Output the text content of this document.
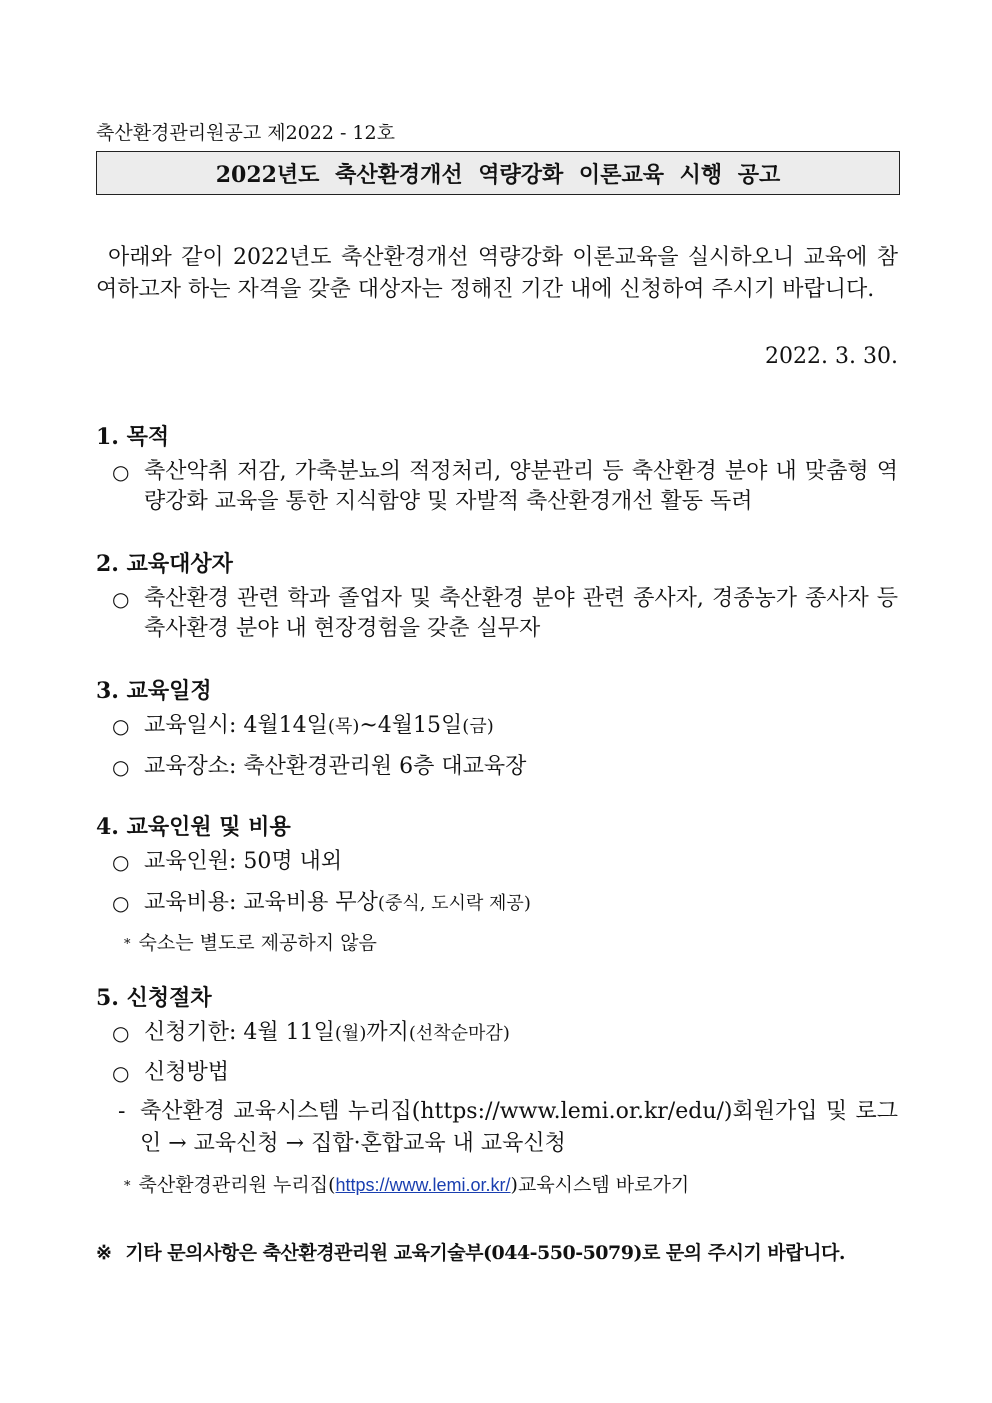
축산환경관리원공고 제2022 - 12호
2022년도 축산환경개선 역량강화 이론교육 시행 공고
아래와 같이 2022년도 축산환경개선 역량강화 이론교육을 실시하오니 교육에 참여하고자 하는 자격을 갖춘 대상자는 정해진 기간 내에 신청하여 주시기 바랍니다.
2022. 3. 30.
1. 목적
○ 축산악취 저감, 가축분뇨의 적정처리, 양분관리 등 축산환경 분야 내 맞춤형 역량강화 교육을 통한 지식함양 및 자발적 축산환경개선 활동 독려
2. 교육대상자
○ 축산환경 관련 학과 졸업자 및 축산환경 분야 관련 종사자, 경종농가 종사자 등 축사환경 분야 내 현장경험을 갖춘 실무자
3. 교육일정
○ 교육일시: 4월14일(목)~4월15일(금)
○ 교육장소: 축산환경관리원 6층 대교육장
4. 교육인원 및 비용
○ 교육인원: 50명 내외
○ 교육비용: 교육비용 무상(중식, 도시락 제공)
* 숙소는 별도로 제공하지 않음
5. 신청절차
○ 신청기한: 4월 11일(월)까지(선착순마감)
○ 신청방법
- 축산환경 교육시스템 누리집(https://www.lemi.or.kr/edu/)회원가입 및 로그인 → 교육신청 → 집합·혼합교육 내 교육신청
* 축산환경관리원 누리집(https://www.lemi.or.kr/)교육시스템 바로가기
※ 기타 문의사항은 축산환경관리원 교육기술부(044-550-5079)로 문의 주시기 바랍니다.
